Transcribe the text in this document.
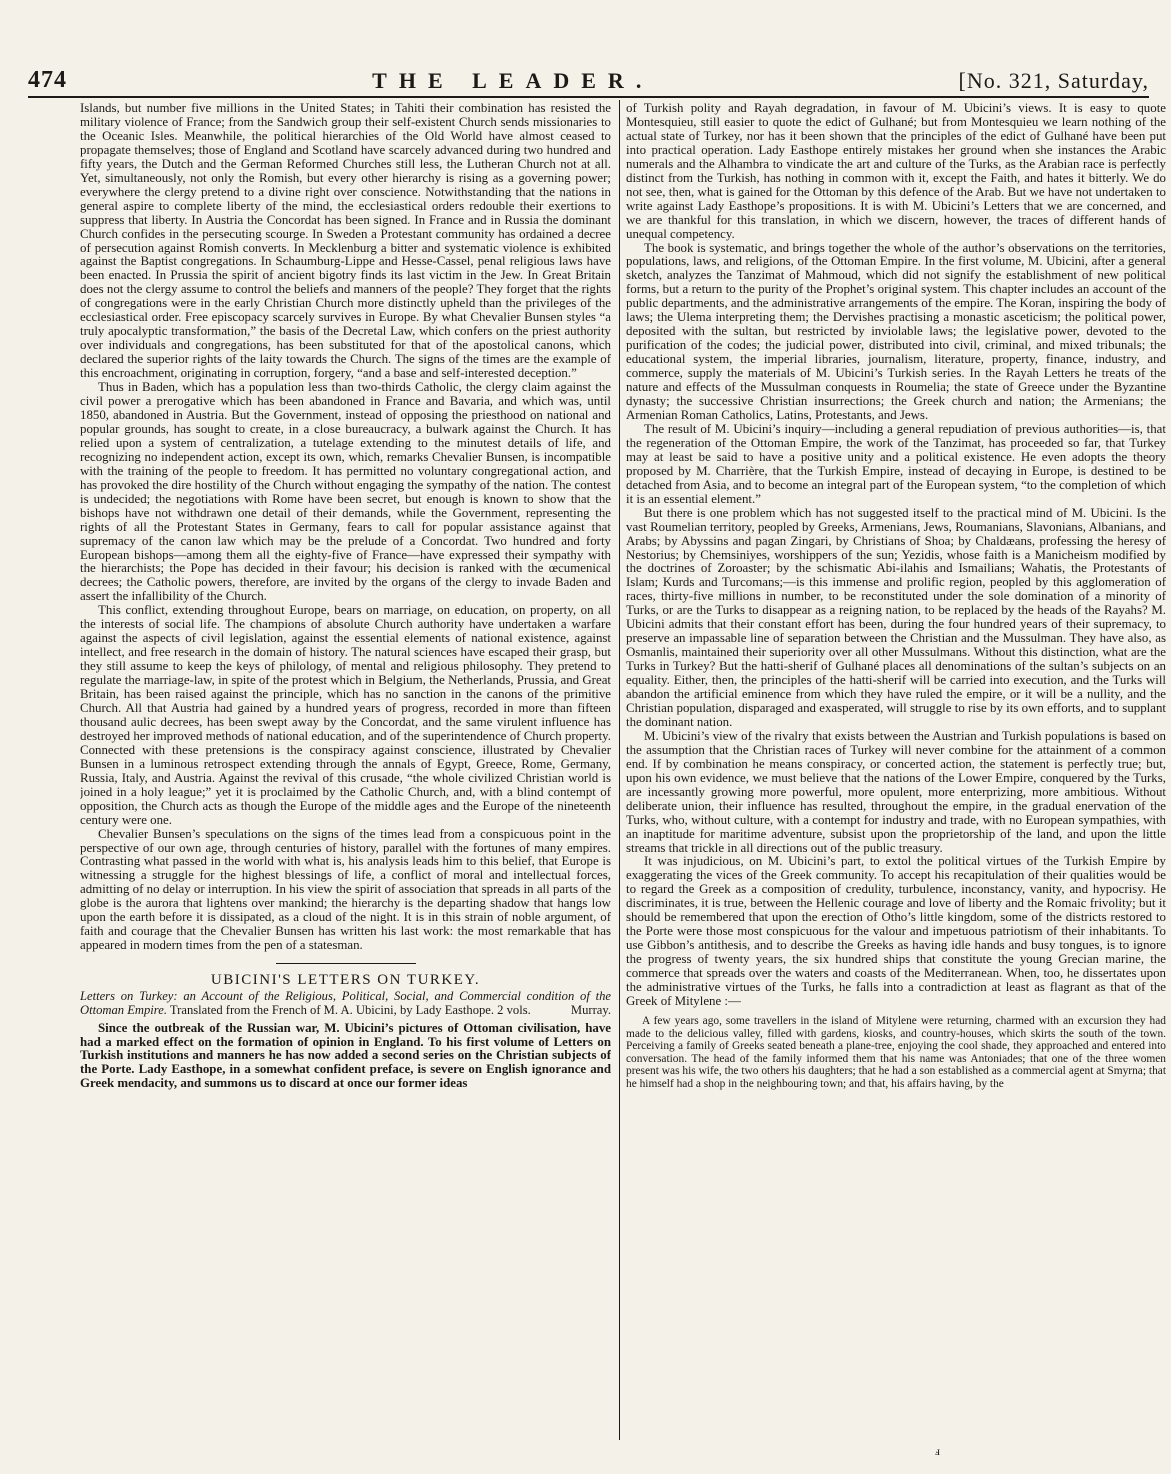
474	THE LEADER.	[No. 321, Saturday,

Islands, but number five millions in the United States; in Tahiti their combination has resisted the military violence of France; from the Sandwich group their self-existent Church sends missionaries to the Oceanic Isles. Meanwhile, the political hierarchies of the Old World have almost ceased to propagate themselves; those of England and Scotland have scarcely advanced during two hundred and fifty years, the Dutch and the German Reformed Churches still less, the Lutheran Church not at all. Yet, simultaneously, not only the Romish, but every other hierarchy is rising as a governing power; everywhere the clergy pretend to a divine right over conscience. Notwithstanding that the nations in general aspire to complete liberty of the mind, the ecclesiastical orders redouble their exertions to suppress that liberty. In Austria the Concordat has been signed. In France and in Russia the dominant Church confides in the persecuting scourge. In Sweden a Protestant community has ordained a decree of persecution against Romish converts. In Mecklenburg a bitter and systematic violence is exhibited against the Baptist congregations. In Schaumburg-Lippe and Hesse-Cassel, penal religious laws have been enacted. In Prussia the spirit of ancient bigotry finds its last victim in the Jew. In Great Britain does not the clergy assume to control the beliefs and manners of the people? They forget that the rights of congregations were in the early Christian Church more distinctly upheld than the privileges of the ecclesiastical order. Free episcopacy scarcely survives in Europe. By what Chevalier Bunsen styles “a truly apocalyptic transformation,” the basis of the Decretal Law, which confers on the priest authority over individuals and congregations, has been substituted for that of the apostolical canons, which declared the superior rights of the laity towards the Church. The signs of the times are the example of this encroachment, originating in corruption, forgery, “and a base and self-interested deception.”

Thus in Baden, which has a population less than two-thirds Catholic, the clergy claim against the civil power a prerogative which has been abandoned in France and Bavaria, and which was, until 1850, abandoned in Austria. But the Government, instead of opposing the priesthood on national and popular grounds, has sought to create, in a close bureaucracy, a bulwark against the Church. It has relied upon a system of centralization, a tutelage extending to the minutest details of life, and recognizing no independent action, except its own, which, remarks Chevalier Bunsen, is incompatible with the training of the people to freedom. It has permitted no voluntary congregational action, and has provoked the dire hostility of the Church without engaging the sympathy of the nation. The contest is undecided; the negotiations with Rome have been secret, but enough is known to show that the bishops have not withdrawn one detail of their demands, while the Government, representing the rights of all the Protestant States in Germany, fears to call for popular assistance against that supremacy of the canon law which may be the prelude of a Concordat. Two hundred and forty European bishops—among them all the eighty-five of France—have expressed their sympathy with the hierarchists; the Pope has decided in their favour; his decision is ranked with the œcumenical decrees; the Catholic powers, therefore, are invited by the organs of the clergy to invade Baden and assert the infallibility of the Church.

This conflict, extending throughout Europe, bears on marriage, on education, on property, on all the interests of social life. The champions of absolute Church authority have undertaken a warfare against the aspects of civil legislation, against the essential elements of national existence, against intellect, and free research in the domain of history. The natural sciences have escaped their grasp, but they still assume to keep the keys of philology, of mental and religious philosophy. They pretend to regulate the marriage-law, in spite of the protest which in Belgium, the Netherlands, Prussia, and Great Britain, has been raised against the principle, which has no sanction in the canons of the primitive Church. All that Austria had gained by a hundred years of progress, recorded in more than fifteen thousand aulic decrees, has been swept away by the Concordat, and the same virulent influence has destroyed her improved methods of national education, and of the superintendence of Church property. Connected with these pretensions is the conspiracy against conscience, illustrated by Chevalier Bunsen in a luminous retrospect extending through the annals of Egypt, Greece, Rome, Germany, Russia, Italy, and Austria. Against the revival of this crusade, “the whole civilized Christian world is joined in a holy league;” yet it is proclaimed by the Catholic Church, and, with a blind contempt of opposition, the Church acts as though the Europe of the middle ages and the Europe of the nineteenth century were one.

Chevalier Bunsen’s speculations on the signs of the times lead from a conspicuous point in the perspective of our own age, through centuries of history, parallel with the fortunes of many empires. Contrasting what passed in the world with what is, his analysis leads him to this belief, that Europe is witnessing a struggle for the highest blessings of life, a conflict of moral and intellectual forces, admitting of no delay or interruption. In his view the spirit of association that spreads in all parts of the globe is the aurora that lightens over mankind; the hierarchy is the departing shadow that hangs low upon the earth before it is dissipated, as a cloud of the night. It is in this strain of noble argument, of faith and courage that the Chevalier Bunsen has written his last work: the most remarkable that has appeared in modern times from the pen of a statesman.

UBICINI'S LETTERS ON TURKEY.
Letters on Turkey: an Account of the Religious, Political, Social, and Commercial condition of the Ottoman Empire. Translated from the French of M. A. Ubicini, by Lady Easthope. 2 vols.	Murray.

Since the outbreak of the Russian war, M. Ubicini’s pictures of Ottoman civilisation, have had a marked effect on the formation of opinion in England. To his first volume of Letters on Turkish institutions and manners he has now added a second series on the Christian subjects of the Porte. Lady Easthope, in a somewhat confident preface, is severe on English ignorance and Greek mendacity, and summons us to discard at once our former ideas

of Turkish polity and Rayah degradation, in favour of M. Ubicini’s views. It is easy to quote Montesquieu, still easier to quote the edict of Gulhané; but from Montesquieu we learn nothing of the actual state of Turkey, nor has it been shown that the principles of the edict of Gulhané have been put into practical operation. Lady Easthope entirely mistakes her ground when she instances the Arabic numerals and the Alhambra to vindicate the art and culture of the Turks, as the Arabian race is perfectly distinct from the Turkish, has nothing in common with it, except the Faith, and hates it bitterly. We do not see, then, what is gained for the Ottoman by this defence of the Arab. But we have not undertaken to write against Lady Easthope’s propositions. It is with M. Ubicini’s Letters that we are concerned, and we are thankful for this translation, in which we discern, however, the traces of different hands of unequal competency.

The book is systematic, and brings together the whole of the author’s observations on the territories, populations, laws, and religions, of the Ottoman Empire. In the first volume, M. Ubicini, after a general sketch, analyzes the Tanzimat of Mahmoud, which did not signify the establishment of new political forms, but a return to the purity of the Prophet’s original system. This chapter includes an account of the public departments, and the administrative arrangements of the empire. The Koran, inspiring the body of laws; the Ulema interpreting them; the Dervishes practising a monastic asceticism; the political power, deposited with the sultan, but restricted by inviolable laws; the legislative power, devoted to the purification of the codes; the judicial power, distributed into civil, criminal, and mixed tribunals; the educational system, the imperial libraries, journalism, literature, property, finance, industry, and commerce, supply the materials of M. Ubicini’s Turkish series. In the Rayah Letters he treats of the nature and effects of the Mussulman conquests in Roumelia; the state of Greece under the Byzantine dynasty; the successive Christian insurrections; the Greek church and nation; the Armenians; the Armenian Roman Catholics, Latins, Protestants, and Jews.

The result of M. Ubicini’s inquiry—including a general repudiation of previous authorities—is, that the regeneration of the Ottoman Empire, the work of the Tanzimat, has proceeded so far, that Turkey may at least be said to have a positive unity and a political existence. He even adopts the theory proposed by M. Charrière, that the Turkish Empire, instead of decaying in Europe, is destined to be detached from Asia, and to become an integral part of the European system, “to the completion of which it is an essential element.”

But there is one problem which has not suggested itself to the practical mind of M. Ubicini. Is the vast Roumelian territory, peopled by Greeks, Armenians, Jews, Roumanians, Slavonians, Albanians, and Arabs; by Abyssins and pagan Zingari, by Christians of Shoa; by Chaldæans, professing the heresy of Nestorius; by Chemsiniyes, worshippers of the sun; Yezidis, whose faith is a Manicheism modified by the doctrines of Zoroaster; by the schismatic Abi-ilahis and Ismailians; Wahatis, the Protestants of Islam; Kurds and Turcomans;—is this immense and prolific region, peopled by this agglomeration of races, thirty-five millions in number, to be reconstituted under the sole domination of a minority of Turks, or are the Turks to disappear as a reigning nation, to be replaced by the heads of the Rayahs? M. Ubicini admits that their constant effort has been, during the four hundred years of their supremacy, to preserve an impassable line of separation between the Christian and the Mussulman. They have also, as Osmanlis, maintained their superiority over all other Mussulmans. Without this distinction, what are the Turks in Turkey? But the hatti-sherif of Gulhané places all denominations of the sultan’s subjects on an equality. Either, then, the principles of the hatti-sherif will be carried into execution, and the Turks will abandon the artificial eminence from which they have ruled the empire, or it will be a nullity, and the Christian population, disparaged and exasperated, will struggle to rise by its own efforts, and to supplant the dominant nation.

M. Ubicini’s view of the rivalry that exists between the Austrian and Turkish populations is based on the assumption that the Christian races of Turkey will never combine for the attainment of a common end. If by combination he means conspiracy, or concerted action, the statement is perfectly true; but, upon his own evidence, we must believe that the nations of the Lower Empire, conquered by the Turks, are incessantly growing more powerful, more opulent, more enterprizing, more ambitious. Without deliberate union, their influence has resulted, throughout the empire, in the gradual enervation of the Turks, who, without culture, with a contempt for industry and trade, with no European sympathies, with an inaptitude for maritime adventure, subsist upon the proprietorship of the land, and upon the little streams that trickle in all directions out of the public treasury.

It was injudicious, on M. Ubicini’s part, to extol the political virtues of the Turkish Empire by exaggerating the vices of the Greek community. To accept his recapitulation of their qualities would be to regard the Greek as a composition of credulity, turbulence, inconstancy, vanity, and hypocrisy. He discriminates, it is true, between the Hellenic courage and love of liberty and the Romaic frivolity; but it should be remembered that upon the erection of Otho’s little kingdom, some of the districts restored to the Porte were those most conspicuous for the valour and impetuous patriotism of their inhabitants. To use Gibbon’s antithesis, and to describe the Greeks as having idle hands and busy tongues, is to ignore the progress of twenty years, the six hundred ships that constitute the young Grecian marine, the commerce that spreads over the waters and coasts of the Mediterranean. When, too, he dissertates upon the administrative virtues of the Turks, he falls into a contradiction at least as flagrant as that of the Greek of Mitylene :—

A few years ago, some travellers in the island of Mitylene were returning, charmed with an excursion they had made to the delicious valley, filled with gardens, kiosks, and country-houses, which skirts the south of the town. Perceiving a family of Greeks seated beneath a plane-tree, enjoying the cool shade, they approached and entered into conversation. The head of the family informed them that his name was Antoniades; that one of the three women present was his wife, the two others his daughters; that he had a son established as a commercial agent at Smyrna; that he himself had a shop in the neighbouring town; and that, his affairs having, by the

ⅎ
